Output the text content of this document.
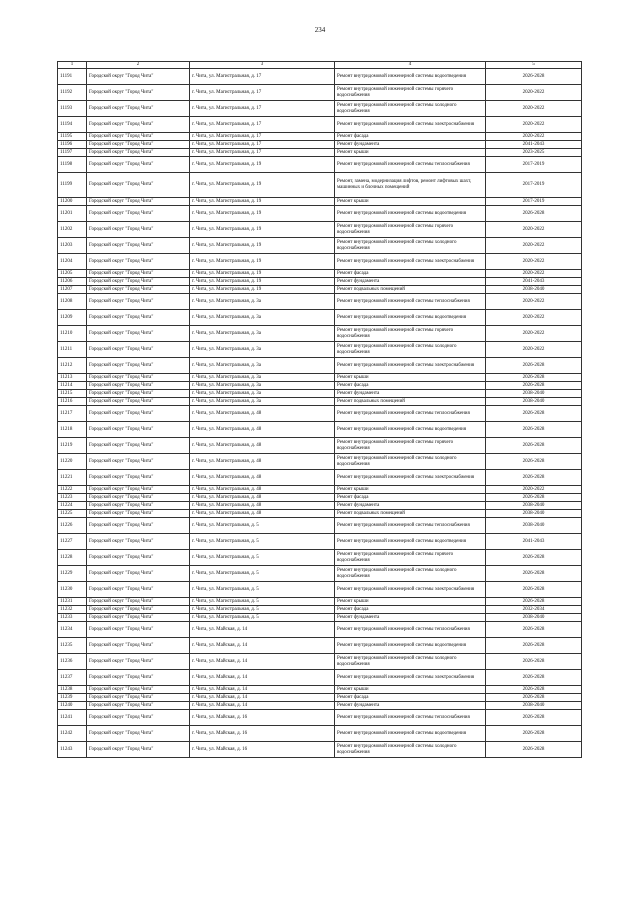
234
1	2	3	4	5
11191	Городской округ "Город Чита"	г. Чита, ул. Магистральная, д. 17	Ремонт внутридомовой инженерной системы водоотведения	2026-2028
11192	Городской округ "Город Чита"	г. Чита, ул. Магистральная, д. 17	Ремонт внутридомовой инженерной системы горячего водоснабжения	2020-2022
11193	Городской округ "Город Чита"	г. Чита, ул. Магистральная, д. 17	Ремонт внутридомовой инженерной системы холодного водоснабжения	2020-2022
11194	Городской округ "Город Чита"	г. Чита, ул. Магистральная, д. 17	Ремонт внутридомовой инженерной системы электроснабжения	2020-2022
11195	Городской округ "Город Чита"	г. Чита, ул. Магистральная, д. 17	Ремонт фасада	2020-2022
11196	Городской округ "Город Чита"	г. Чита, ул. Магистральная, д. 17	Ремонт фундамента	2041-2043
11197	Городской округ "Город Чита"	г. Чита, ул. Магистральная, д. 17	Ремонт крыши	2023-2025
11198	Городской округ "Город Чита"	г. Чита, ул. Магистральная, д. 19	Ремонт внутридомовой инженерной системы теплоснабжения	2017-2019
11199	Городской округ "Город Чита"	г. Чита, ул. Магистральная, д. 19	Ремонт, замена, модернизация лифтов, ремонт лифтовых шахт, машинных и блочных помещений	2017-2019
11200	Городской округ "Город Чита"	г. Чита, ул. Магистральная, д. 19	Ремонт крыши	2017-2019
11201	Городской округ "Город Чита"	г. Чита, ул. Магистральная, д. 19	Ремонт внутридомовой инженерной системы водоотведения	2026-2028
11202	Городской округ "Город Чита"	г. Чита, ул. Магистральная, д. 19	Ремонт внутридомовой инженерной системы горячего водоснабжения	2020-2022
11203	Городской округ "Город Чита"	г. Чита, ул. Магистральная, д. 19	Ремонт внутридомовой инженерной системы холодного водоснабжения	2020-2022
11204	Городской округ "Город Чита"	г. Чита, ул. Магистральная, д. 19	Ремонт внутридомовой инженерной системы электроснабжения	2020-2022
11205	Городской округ "Город Чита"	г. Чита, ул. Магистральная, д. 19	Ремонт фасада	2020-2022
11206	Городской округ "Город Чита"	г. Чита, ул. Магистральная, д. 19	Ремонт фундамента	2041-2043
11207	Городской округ "Город Чита"	г. Чита, ул. Магистральная, д. 19	Ремонт подвальных помещений	2038-2040
11208	Городской округ "Город Чита"	г. Чита, ул. Магистральная, д. 3а	Ремонт внутридомовой инженерной системы теплоснабжения	2020-2022
11209	Городской округ "Город Чита"	г. Чита, ул. Магистральная, д. 3а	Ремонт внутридомовой инженерной системы водоотведения	2020-2022
11210	Городской округ "Город Чита"	г. Чита, ул. Магистральная, д. 3а	Ремонт внутридомовой инженерной системы горячего водоснабжения	2020-2022
11211	Городской округ "Город Чита"	г. Чита, ул. Магистральная, д. 3а	Ремонт внутридомовой инженерной системы холодного водоснабжения	2020-2022
11212	Городской округ "Город Чита"	г. Чита, ул. Магистральная, д. 3а	Ремонт внутридомовой инженерной системы электроснабжения	2026-2028
11213	Городской округ "Город Чита"	г. Чита, ул. Магистральная, д. 3а	Ремонт крыши	2026-2028
11214	Городской округ "Город Чита"	г. Чита, ул. Магистральная, д. 3а	Ремонт фасада	2026-2028
11215	Городской округ "Город Чита"	г. Чита, ул. Магистральная, д. 3а	Ремонт фундамента	2038-2040
11216	Городской округ "Город Чита"	г. Чита, ул. Магистральная, д. 3а	Ремонт подвальных помещений	2038-2040
11217	Городской округ "Город Чита"	г. Чита, ул. Магистральная, д. 48	Ремонт внутридомовой инженерной системы теплоснабжения	2026-2028
11218	Городской округ "Город Чита"	г. Чита, ул. Магистральная, д. 48	Ремонт внутридомовой инженерной системы водоотведения	2026-2028
11219	Городской округ "Город Чита"	г. Чита, ул. Магистральная, д. 48	Ремонт внутридомовой инженерной системы горячего водоснабжения	2026-2028
11220	Городской округ "Город Чита"	г. Чита, ул. Магистральная, д. 48	Ремонт внутридомовой инженерной системы холодного водоснабжения	2026-2028
11221	Городской округ "Город Чита"	г. Чита, ул. Магистральная, д. 48	Ремонт внутридомовой инженерной системы электроснабжения	2026-2028
11222	Городской округ "Город Чита"	г. Чита, ул. Магистральная, д. 48	Ремонт крыши	2020-2022
11223	Городской округ "Город Чита"	г. Чита, ул. Магистральная, д. 48	Ремонт фасада	2026-2028
11224	Городской округ "Город Чита"	г. Чита, ул. Магистральная, д. 48	Ремонт фундамента	2038-2040
11225	Городской округ "Город Чита"	г. Чита, ул. Магистральная, д. 48	Ремонт подвальных помещений	2038-2040
11226	Городской округ "Город Чита"	г. Чита, ул. Магистральная, д. 5	Ремонт внутридомовой инженерной системы теплоснабжения	2038-2040
11227	Городской округ "Город Чита"	г. Чита, ул. Магистральная, д. 5	Ремонт внутридомовой инженерной системы водоотведения	2041-2043
11228	Городской округ "Город Чита"	г. Чита, ул. Магистральная, д. 5	Ремонт внутридомовой инженерной системы горячего водоснабжения	2026-2028
11229	Городской округ "Город Чита"	г. Чита, ул. Магистральная, д. 5	Ремонт внутридомовой инженерной системы холодного водоснабжения	2026-2028
11230	Городской округ "Город Чита"	г. Чита, ул. Магистральная, д. 5	Ремонт внутридомовой инженерной системы электроснабжения	2026-2028
11231	Городской округ "Город Чита"	г. Чита, ул. Магистральная, д. 5	Ремонт крыши	2026-2028
11232	Городской округ "Город Чита"	г. Чита, ул. Магистральная, д. 5	Ремонт фасада	2032-2034
11233	Городской округ "Город Чита"	г. Чита, ул. Магистральная, д. 5	Ремонт фундамента	2038-2040
11234	Городской округ "Город Чита"	г. Чита, ул. Майская, д. 14	Ремонт внутридомовой инженерной системы теплоснабжения	2026-2028
11235	Городской округ "Город Чита"	г. Чита, ул. Майская, д. 14	Ремонт внутридомовой инженерной системы водоотведения	2026-2028
11236	Городской округ "Город Чита"	г. Чита, ул. Майская, д. 14	Ремонт внутридомовой инженерной системы холодного водоснабжения	2026-2028
11237	Городской округ "Город Чита"	г. Чита, ул. Майская, д. 14	Ремонт внутридомовой инженерной системы электроснабжения	2026-2028
11238	Городской округ "Город Чита"	г. Чита, ул. Майская, д. 14	Ремонт крыши	2026-2028
11239	Городской округ "Город Чита"	г. Чита, ул. Майская, д. 14	Ремонт фасада	2026-2028
11240	Городской округ "Город Чита"	г. Чита, ул. Майская, д. 14	Ремонт фундамента	2038-2040
11241	Городской округ "Город Чита"	г. Чита, ул. Майская, д. 16	Ремонт внутридомовой инженерной системы теплоснабжения	2026-2028
11242	Городской округ "Город Чита"	г. Чита, ул. Майская, д. 16	Ремонт внутридомовой инженерной системы водоотведения	2026-2028
11243	Городской округ "Город Чита"	г. Чита, ул. Майская, д. 16	Ремонт внутридомовой инженерной системы холодного водоснабжения	2026-2028
